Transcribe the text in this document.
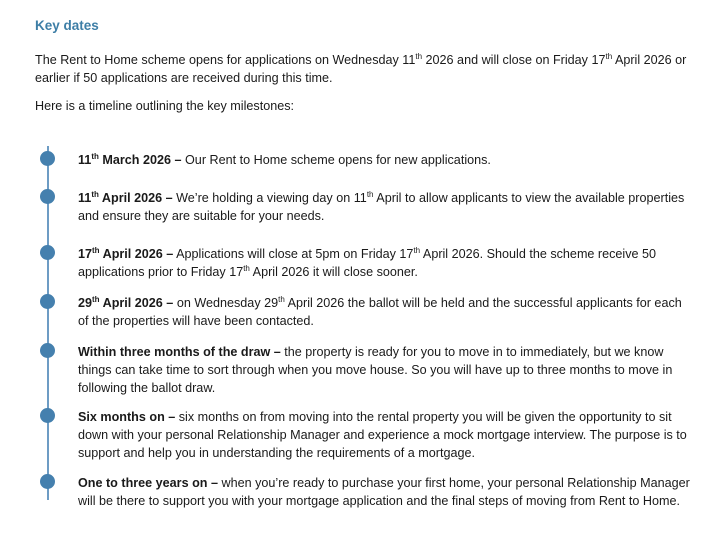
Key dates
The Rent to Home scheme opens for applications on Wednesday 11th 2026 and will close on Friday 17th April 2026 or earlier if 50 applications are received during this time.
Here is a timeline outlining the key milestones:
11th March 2026 – Our Rent to Home scheme opens for new applications.
11th April 2026 – We’re holding a viewing day on 11th April to allow applicants to view the available properties and ensure they are suitable for your needs.
17th April 2026 – Applications will close at 5pm on Friday 17th April 2026. Should the scheme receive 50 applications prior to Friday 17th April 2026 it will close sooner.
29th April 2026 – on Wednesday 29th April 2026 the ballot will be held and the successful applicants for each of the properties will have been contacted.
Within three months of the draw – the property is ready for you to move in to immediately, but we know things can take time to sort through when you move house. So you will have up to three months to move in following the ballot draw.
Six months on – six months on from moving into the rental property you will be given the opportunity to sit down with your personal Relationship Manager and experience a mock mortgage interview. The purpose is to support and help you in understanding the requirements of a mortgage.
One to three years on – when you’re ready to purchase your first home, your personal Relationship Manager will be there to support you with your mortgage application and the final steps of moving from Rent to Home.
